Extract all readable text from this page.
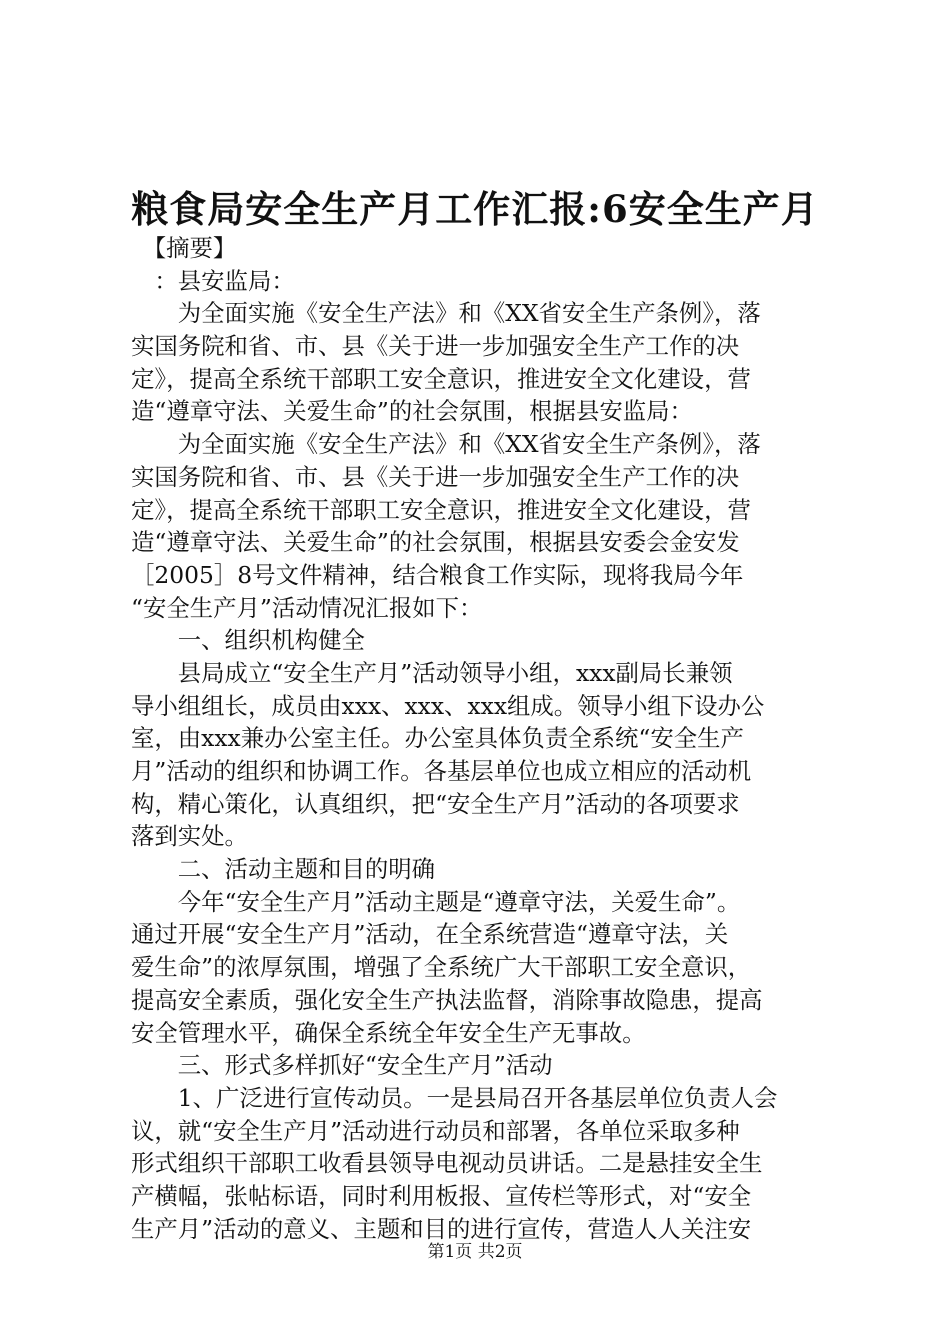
粮食局安全生产月工作汇报:6安全生产月
　【摘要】
　：县安监局：
　　为全面实施《安全生产法》和《XX省安全生产条例》，落
实国务院和省、市、县《关于进一步加强安全生产工作的决
定》，提高全系统干部职工安全意识，推进安全文化建设，营
造“遵章守法、关爱生命”的社会氛围，根据县安监局：
　　为全面实施《安全生产法》和《XX省安全生产条例》，落
实国务院和省、市、县《关于进一步加强安全生产工作的决
定》，提高全系统干部职工安全意识，推进安全文化建设，营
造“遵章守法、关爱生命”的社会氛围，根据县安委会金安发
［2005］8号文件精神，结合粮食工作实际，现将我局今年
“安全生产月”活动情况汇报如下：
　　一、组织机构健全
　　县局成立“安全生产月”活动领导小组，xxx副局长兼领
导小组组长，成员由xxx、xxx、xxx组成。领导小组下设办公
室，由xxx兼办公室主任。办公室具体负责全系统“安全生产
月”活动的组织和协调工作。各基层单位也成立相应的活动机
构，精心策化，认真组织，把“安全生产月”活动的各项要求
落到实处。
　　二、活动主题和目的明确
　　今年“安全生产月”活动主题是“遵章守法，关爱生命”。
通过开展“安全生产月”活动，在全系统营造“遵章守法，关
爱生命”的浓厚氛围，增强了全系统广大干部职工安全意识，
提高安全素质，强化安全生产执法监督，消除事故隐患，提高
安全管理水平，确保全系统全年安全生产无事故。
　　三、形式多样抓好“安全生产月”活动
　　1、广泛进行宣传动员。一是县局召开各基层单位负责人会
议，就“安全生产月”活动进行动员和部署，各单位采取多种
形式组织干部职工收看县领导电视动员讲话。二是悬挂安全生
产横幅，张帖标语，同时利用板报、宣传栏等形式，对“安全
生产月”活动的意义、主题和目的进行宣传，营造人人关注安
第1页 共2页
